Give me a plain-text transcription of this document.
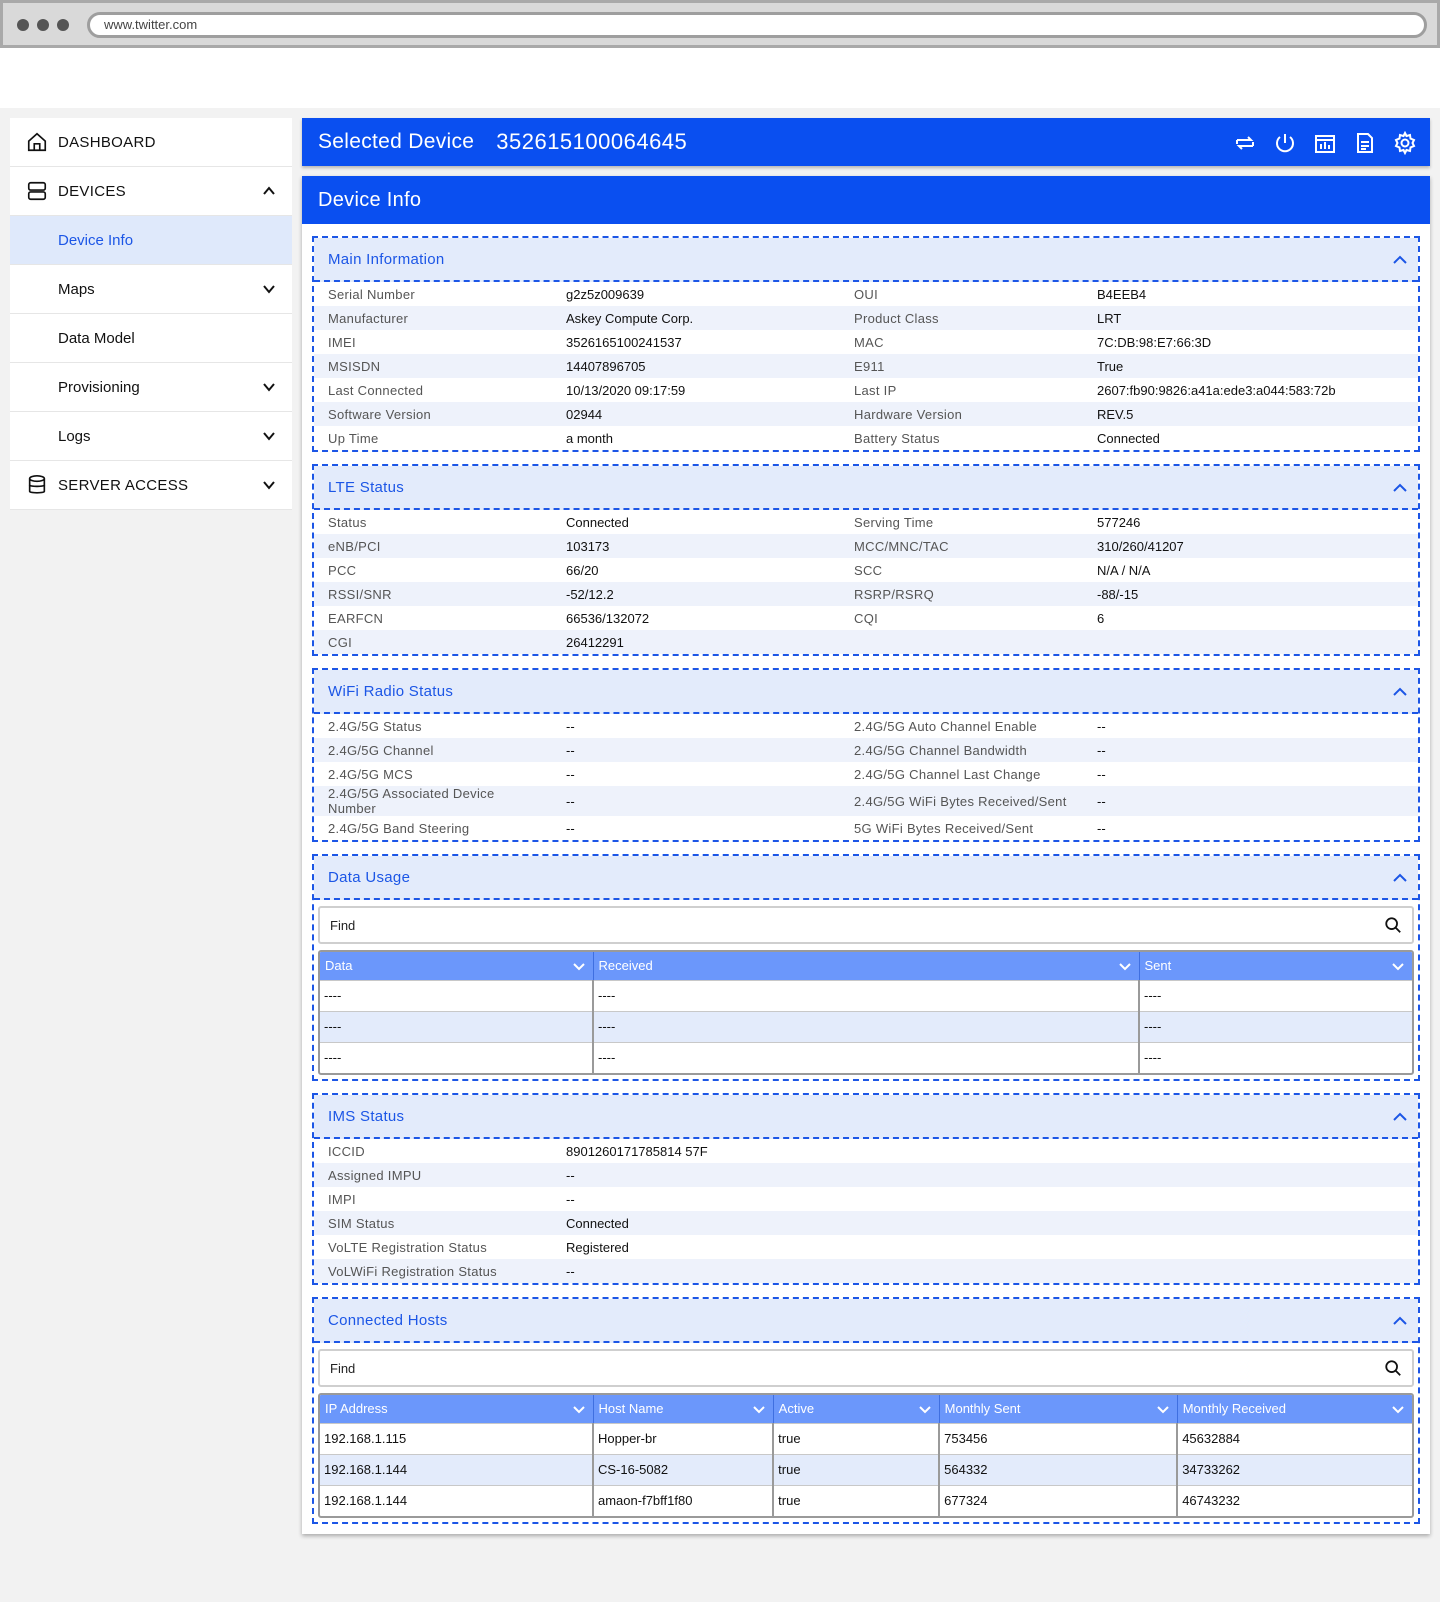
www.twitter.com
DASHBOARD
DEVICES
Device Info
Maps
Data Model
Provisioning
Logs
SERVER ACCESS
Selected Device 352615100064645
Device Info
Main Information
Serial Number	g2z5z009639	OUI	B4EEB4
Manufacturer	Askey Compute Corp.	Product Class	LRT
IMEI	3526165100241537	MAC	7C:DB:98:E7:66:3D
MSISDN	14407896705	E911	True
Last Connected	10/13/2020 09:17:59	Last IP	2607:fb90:9826:a41a:ede3:a044:583:72b
Software Version	02944	Hardware Version	REV.5
Up Time	a month	Battery Status	Connected
LTE Status
Status	Connected	Serving Time	577246
eNB/PCI	103173	MCC/MNC/TAC	310/260/41207
PCC	66/20	SCC	N/A / N/A
RSSI/SNR	-52/12.2	RSRP/RSRQ	-88/-15
EARFCN	66536/132072	CQI	6
CGI	26412291		
WiFi Radio Status
2.4G/5G Status	--	2.4G/5G Auto Channel Enable	--
2.4G/5G Channel	--	2.4G/5G Channel Bandwidth	--
2.4G/5G MCS	--	2.4G/5G Channel Last Change	--
2.4G/5G Associated Device Number	--	2.4G/5G WiFi Bytes Received/Sent	--
2.4G/5G Band Steering	--	5G WiFi Bytes Received/Sent	--
Data Usage
Find
Data	Received	Sent

----	----	----
----	----	----
----	----	----
IMS Status
ICCID	8901260171785814 57F
Assigned IMPU	--
IMPI	--
SIM Status	Connected
VoLTE Registration Status	Registered
VoLWiFi Registration Status	--
Connected Hosts
Find
IP Address	Host Name	Active	Monthly Sent	Monthly Received

192.168.1.115	Hopper-br	true	753456	45632884
192.168.1.144	CS-16-5082	true	564332	34733262
192.168.1.144	amaon-f7bff1f80	true	677324	46743232
